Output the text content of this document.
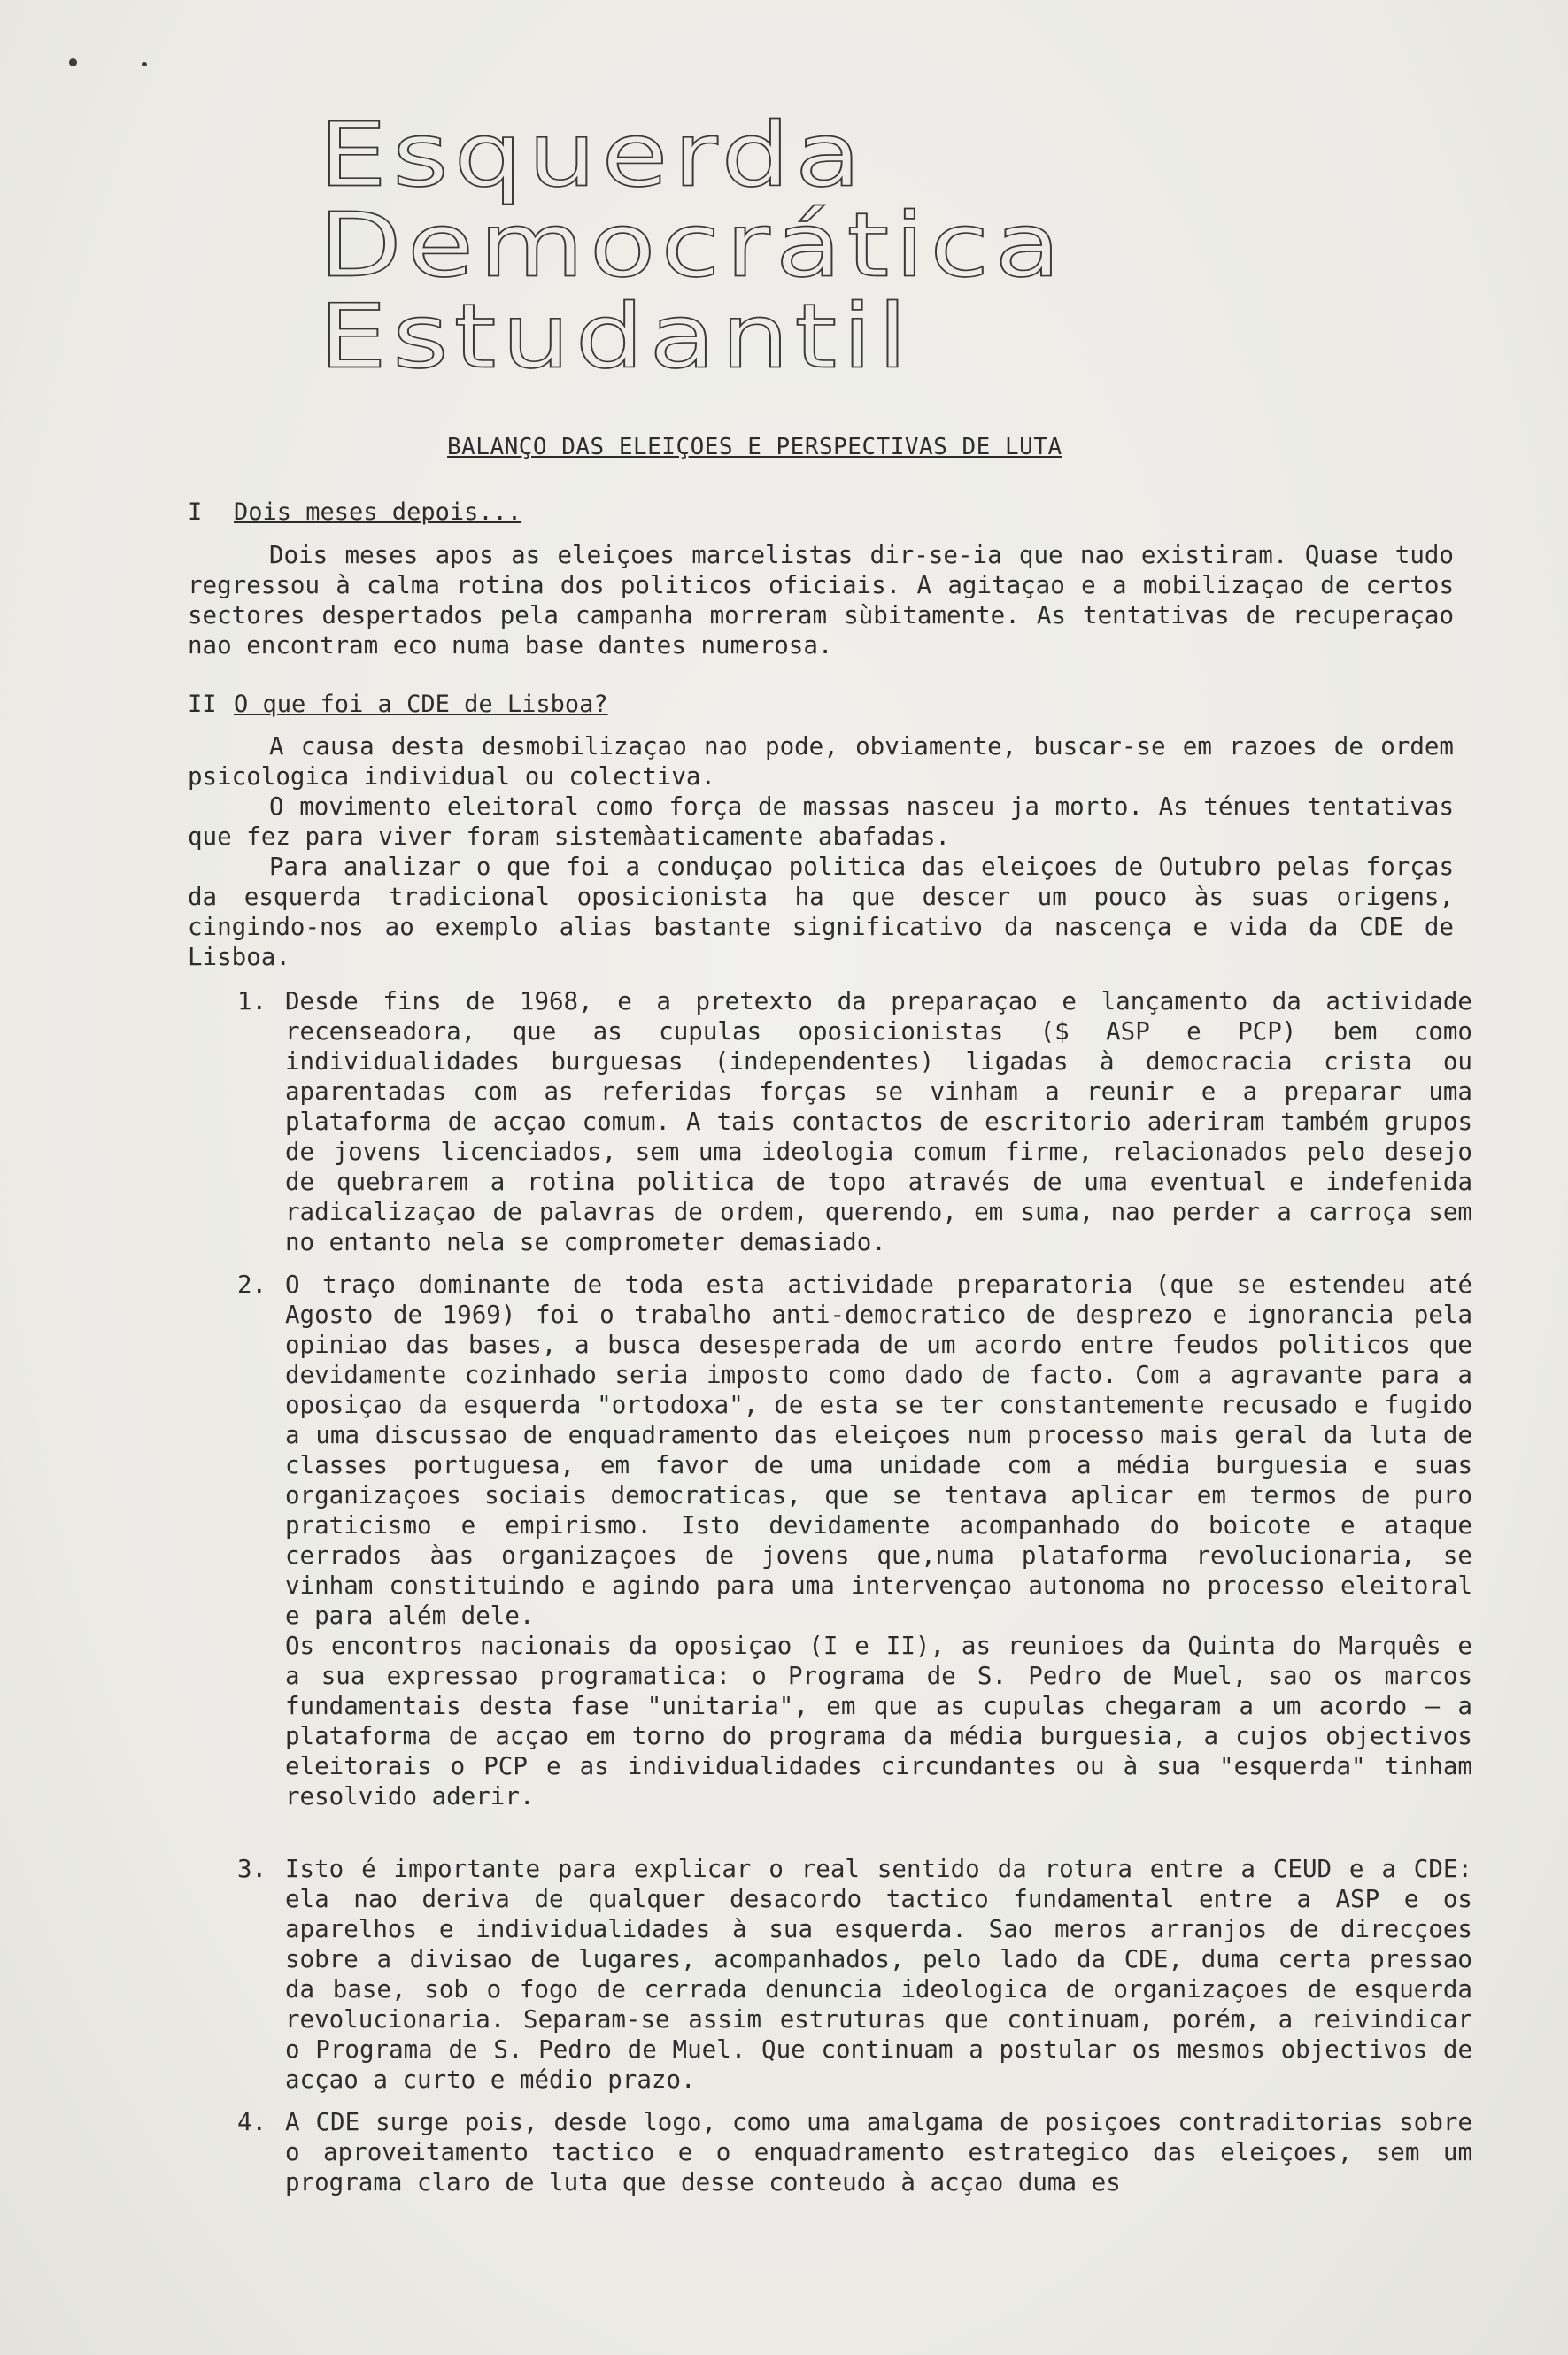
Esquerda
Democrática
Estudantil
BALANÇO DAS ELEIÇOES E PERSPECTIVAS DE LUTA
I Dois meses depois...

Dois meses apos as eleiçoes marcelistas dir-se-ia que nao existiram. Quase tudo regressou à calma rotina dos politicos oficiais. A agitaçao e a mobilizaçao de certos sectores despertados pela campanha morreram sùbitamente. As tentativas de recuperaçao nao encontram eco numa base dantes numerosa.

II O que foi a CDE de Lisboa?

A causa desta desmobilizaçao nao pode, obviamente, buscar-se em razoes de ordem psicologica individual ou colectiva.

O movimento eleitoral como força de massas nasceu ja morto. As ténues tentativas que fez para viver foram sistemàaticamente abafadas.

Para analizar o que foi a conduçao politica das eleiçoes de Outubro pelas forças da esquerda tradicional oposicionista ha que descer um pouco às suas origens, cingindo-nos ao exemplo alias bastante significativo da nascença e vida da CDE de Lisboa.

1. Desde fins de 1968, e a pretexto da preparaçao e lançamento da actividade recenseadora, que as cupulas oposicionistas ($ ASP e PCP) bem como individualidades burguesas (independentes) ligadas à democracia crista ou aparentadas com as referidas forças se vinham a reunir e a preparar uma plataforma de acçao comum. A tais contactos de escritorio aderiram também grupos de jovens licenciados, sem uma ideologia comum firme, relacionados pelo desejo de quebrarem a rotina politica de topo através de uma eventual e indefenida radicalizaçao de palavras de ordem, querendo, em suma, nao perder a carroça sem no entanto nela se comprometer demasiado.
2. O traço dominante de toda esta actividade preparatoria (que se estendeu até Agosto de 1969) foi o trabalho anti-democratico de desprezo e ignorancia pela opiniao das bases, a busca desesperada de um acordo entre feudos politicos que devidamente cozinhado seria imposto como dado de facto. Com a agravante para a oposiçao da esquerda "ortodoxa", de esta se ter constantemente recusado e fugido a uma discussao de enquadramento das eleiçoes num processo mais geral da luta de classes portuguesa, em favor de uma unidade com a média burguesia e suas organizaçoes sociais democraticas, que se tentava aplicar em termos de puro praticismo e empirismo. Isto devidamente acompanhado do boicote e ataque cerrados àas organizaçoes de jovens que,numa plataforma revolucionaria, se vinham constituindo e agindo para uma intervençao autonoma no processo eleitoral e para além dele.
Os encontros nacionais da oposiçao (I e II), as reunioes da Quinta do Marquês e a sua expressao programatica: o Programa de S. Pedro de Muel, sao os marcos fundamentais desta fase "unitaria", em que as cupulas chegaram a um acordo — a plataforma de acçao em torno do programa da média burguesia, a cujos objectivos eleitorais o PCP e as individualidades circundantes ou à sua "esquerda" tinham resolvido aderir.
3. Isto é importante para explicar o real sentido da rotura entre a CEUD e a CDE: ela nao deriva de qualquer desacordo tactico fundamental entre a ASP e os aparelhos e individualidades à sua esquerda. Sao meros arranjos de direcçoes sobre a divisao de lugares, acompanhados, pelo lado da CDE, duma certa pressao da base, sob o fogo de cerrada denuncia ideologica de organizaçoes de esquerda revolucionaria. Separam-se assim estruturas que continuam, porém, a reivindicar o Programa de S. Pedro de Muel. Que continuam a postular os mesmos objectivos de acçao a curto e médio prazo.
4. A CDE surge pois, desde logo, como uma amalgama de posiçoes contraditorias sobre o aproveitamento tactico e o enquadramento estrategico das eleiçoes, sem um programa claro de luta que desse conteudo à acçao duma es
